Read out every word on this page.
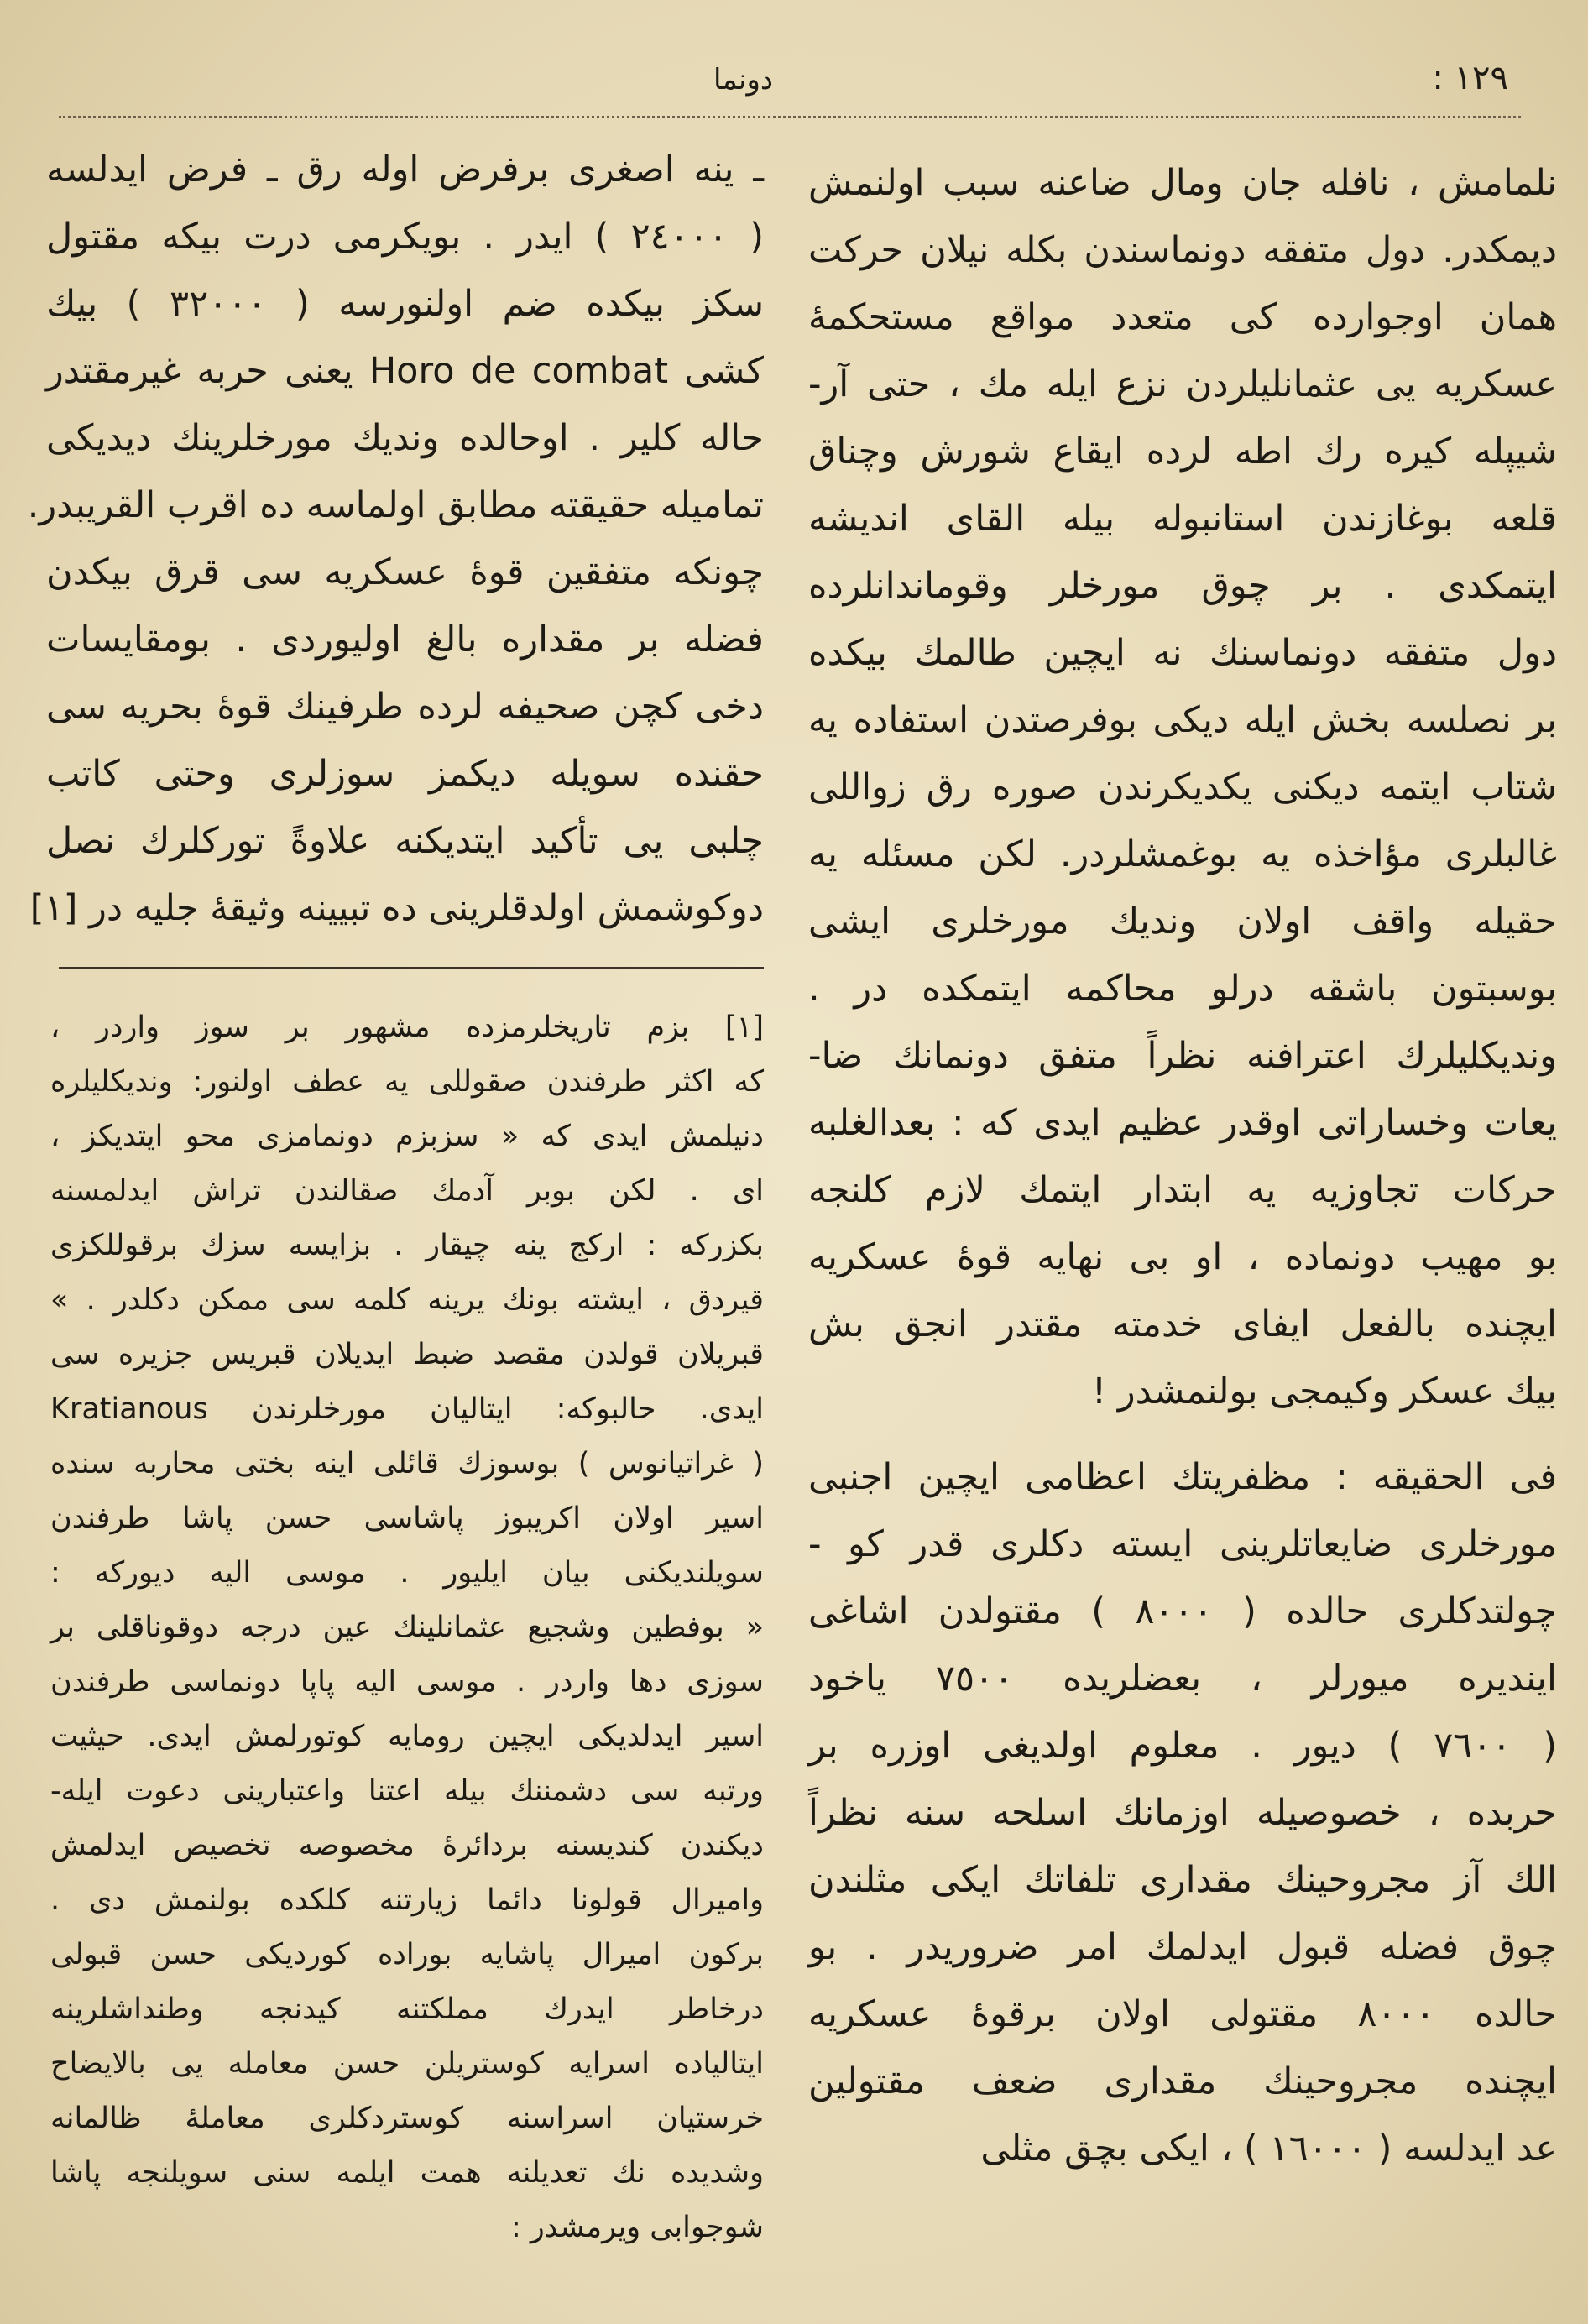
١٢٩ :
دونما
نلمامش ، نافله جان ومال ضاعنه سبب اولنمش
دیمکدر. دول متفقه دونماسندن بکله نیلان حرکت
همان اوجوارده کی متعدد مواقع مستحکمهٔ
عسکریه یی عثمانلیلردن نزع ایله مك ، حتی آر-
شیپله کیره رك اطه لرده ایقاع شورش وچناق
قلعه بوغازندن استانبوله بیله القای اندیشه
ایتمکدی . بر چوق مورخلر وقوماندانلرده
دول متفقه دونماسنك نه ایچین طالمك بیکده
بر نصلسه بخش ایله دیکی بوفرصتدن استفاده یه
شتاب ایتمه دیکنی یکدیکرندن صوره رق زواللی
غالبلری مؤاخذه یه بوغمشلردر. لکن مسئله یه
حقیله واقف اولان وندیك مورخلری ایشی
بوسبتون باشقه درلو محاکمه ایتمکده در .
وندیکلیلرك اعترافنه نظراً متفق دونمانك ضا-
یعات وخساراتی اوقدر عظیم ایدی که : بعدالغلبه
حرکات تجاوزیه یه ابتدار ایتمك لازم کلنجه
بو مهیب دونماده ، او بی نهایه قوهٔ عسکریه
ایچنده بالفعل ایفای خدمته مقتدر انجق بش
بیك عسکر وکیمجی بولنمشدر !
فی الحقیقه : مظفریتك اعظامی ایچین اجنبی
مورخلری ضایعاتلرینی ایسته دکلری قدر کو -
چولتدکلری حالده ( ٨٠٠٠ ) مقتولدن اشاغی
ایندیره میورلر ، بعضلریده ٧٥٠٠ یاخود
( ٧٦٠٠ ) دیور . معلوم اولدیغی اوزره بر
حربده ، خصوصیله اوزمانك اسلحه سنه نظراً
الك آز مجروحینك مقداری تلفاتك ایکی مثلندن
چوق فضله قبول ایدلمك امر ضروریدر . بو
حالده ٨٠٠٠ مقتولی اولان برقوهٔ عسکریه
ایچنده مجروحینك مقداری ضعف مقتولین
عد ایدلسه ( ١٦٠٠٠ ) ، ایکی بچق مثلی
ـ ینه اصغری برفرض اوله رق ـ فرض ایدلسه
( ٢٤٠٠٠ ) ایدر . بویکرمی درت بیکه مقتول
سکز بیکده ضم اولنورسه ( ٣٢٠٠٠ ) بیك
کشی Horo de combat یعنی حربه غیرمقتدر
حاله کلیر . اوحالده وندیك مورخلرینك دیدیکی
تماميله حقیقته مطابق اولماسه ده اقرب القریبدر.
چونکه متفقین قوهٔ عسکریه سی قرق بیکدن
فضله بر مقداره بالغ اولیوردی . بومقایسات
دخی کچن صحیفه لرده طرفینك قوهٔ بحریه سی
حقنده سویله دیکمز سوزلری وحتی کاتب
چلبی یی تأکید ایتدیکنه علاوةً تورکلرك نصل
دوکوشمش اولدقلرینی ده تبیینه وثیقهٔ جلیه در [١]
[١] بزم تاریخلرمزده مشهور بر سوز واردر ،
که اکثر طرفندن صقوللی یه عطف اولنور: وندیکلیلره
دنیلمش ایدی که « سزبزم دونمامزی محو ایتدیکز ،
ای . لکن بوبر آدمك صقالندن تراش ایدلمسنه
بکزرکه : ارکج ینه چیقار . بزایسه سزك برقوللکزی
قیردق ، ایشته بونك یرینه کلمه سی ممکن دکلدر . »
قبریلان قولدن مقصد ضبط ایدیلان قبریس جزیره سی
ایدی. حالبوکه: ایتالیان مورخلرندن Kratianous
( غراتیانوس ) بوسوزك قائلی اینه بختی محاربه سنده
اسیر اولان اکریبوز پاشاسی حسن پاشا طرفندن
سویلندیکنی بیان ایلیور . موسی الیه دیورکه :
« بوفطین وشجیع عثمانلینك عین درجه دوقوناقلی بر
سوزی دها واردر . موسی الیه پاپا دونماسی طرفندن
اسیر ایدلدیکی ایچین رومایه کوتورلمش ایدی. حیثیت
ورتبه سی دشمننك بیله اعتنا واعتبارینی دعوت ایله-
دیکندن کندیسنه بردائرهٔ مخصوصه تخصیص ایدلمش
وامیرال قولونا دائما زیارتنه کلکده بولنمش دی .
برکون امیرال پاشایه بوراده کوردیکی حسن قبولی
درخاطر ایدرك مملکتنه کیدنجه وطنداشلرینه
ایتالیاده اسرایه کوستریلن حسن معامله یی بالایضاح
خرستیان اسراسنه کوستردکلری معاملهٔ ظالمانه
وشدیده نك تعدیلنه همت ایلمه سنی سویلنجه پاشا
شوجوابی ویرمشدر :
